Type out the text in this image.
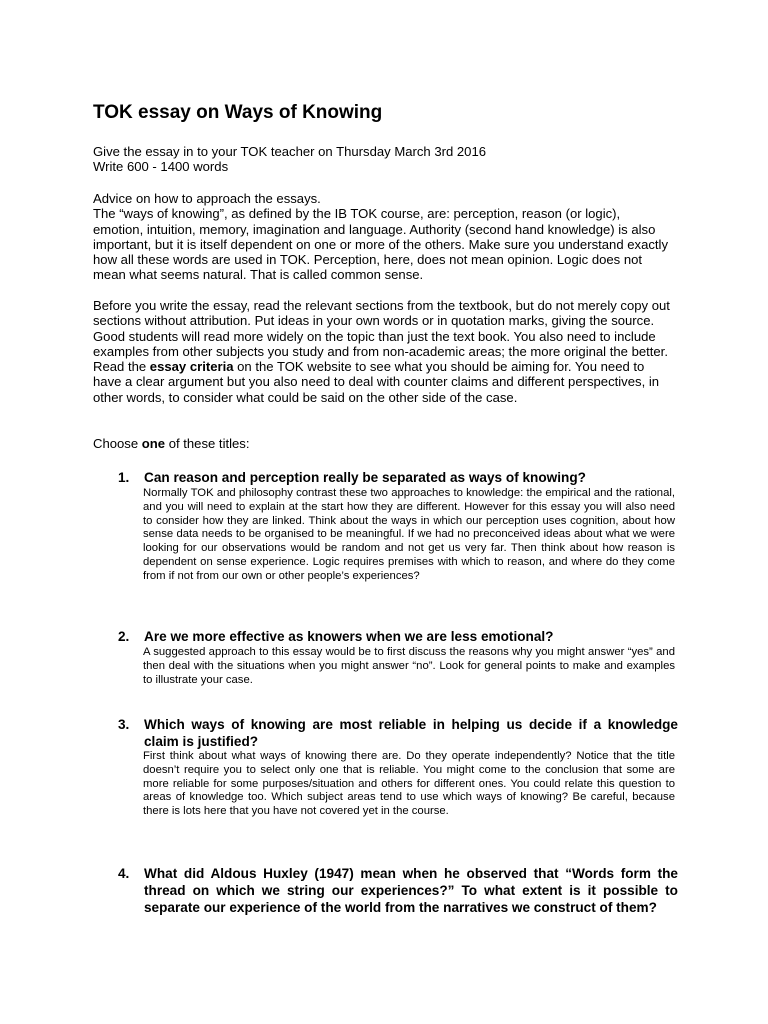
TOK essay on Ways of Knowing

Give the essay in to your TOK teacher on Thursday March 3rd 2016

Write 600 - 1400 words

Advice on how to approach the essays.

The “ways of knowing”, as defined by the IB TOK course, are: perception, reason (or logic), emotion, intuition, memory, imagination and language. Authority (second hand knowledge) is also important, but it is itself dependent on one or more of the others. Make sure you understand exactly how all these words are used in TOK. Perception, here, does not mean opinion. Logic does not mean what seems natural. That is called common sense.

Before you write the essay, read the relevant sections from the textbook, but do not merely copy out sections without attribution. Put ideas in your own words or in quotation marks, giving the source. Good students will read more widely on the topic than just the text book. You also need to include examples from other subjects you study and from non-academic areas; the more original the better. Read the essay criteria on the TOK website to see what you should be aiming for. You need to have a clear argument but you also need to deal with counter claims and different perspectives, in other words, to consider what could be said on the other side of the case.

Choose one of these titles:

1.	Can reason and perception really be separated as ways of knowing?

Normally TOK and philosophy contrast these two approaches to knowledge: the empirical and the rational, and you will need to explain at the start how they are different. However for this essay you will also need to consider how they are linked. Think about the ways in which our perception uses cognition, about how sense data needs to be organised to be meaningful. If we had no preconceived ideas about what we were looking for our observations would be random and not get us very far. Then think about how reason is dependent on sense experience. Logic requires premises with which to reason, and where do they come from if not from our own or other people’s experiences?

2.	Are we more effective as knowers when we are less emotional?

A suggested approach to this essay would be to first discuss the reasons why you might answer “yes” and then deal with the situations when you might answer “no”. Look for general points to make and examples to illustrate your case.

3.	Which ways of knowing are most reliable in helping us decide if a knowledge claim is justified?

First think about what ways of knowing there are. Do they operate independently? Notice that the title doesn’t require you to select only one that is reliable. You might come to the conclusion that some are more reliable for some purposes/situation and others for different ones. You could relate this question to areas of knowledge too. Which subject areas tend to use which ways of knowing? Be careful, because there is lots here that you have not covered yet in the course.

4.	What did Aldous Huxley (1947) mean when he observed that “Words form the thread on which we string our experiences?” To what extent is it possible to separate our experience of the world from the narratives we construct of them?
